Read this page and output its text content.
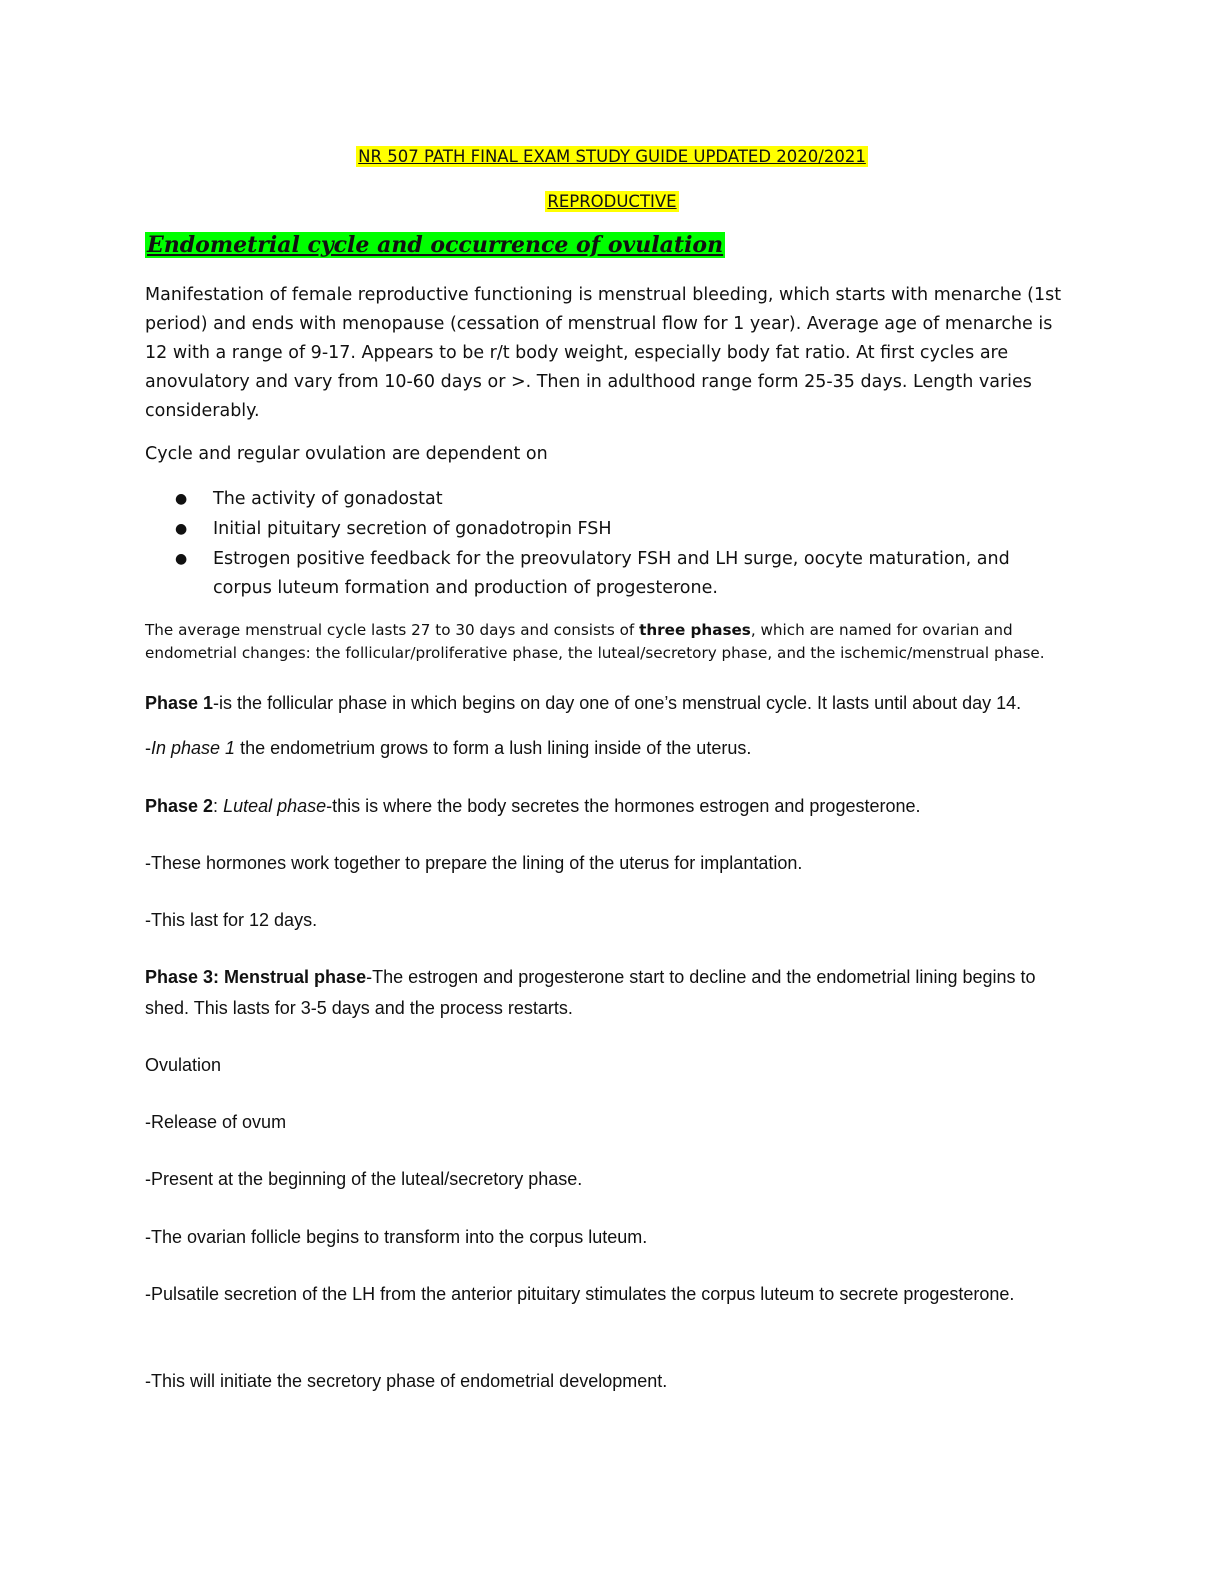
NR 507 PATH FINAL EXAM STUDY GUIDE UPDATED 2020/2021
REPRODUCTIVE
Endometrial cycle and occurrence of ovulation

Manifestation of female reproductive functioning is menstrual bleeding, which starts with menarche (1st period) and ends with menopause (cessation of menstrual flow for 1 year). Average age of menarche is 12 with a range of 9-17. Appears to be r/t body weight, especially body fat ratio. At first cycles are anovulatory and vary from 10-60 days or >. Then in adulthood range form 25-35 days. Length varies considerably.

Cycle and regular ovulation are dependent on

● The activity of gonadostat
● Initial pituitary secretion of gonadotropin FSH
● Estrogen positive feedback for the preovulatory FSH and LH surge, oocyte maturation, and corpus luteum formation and production of progesterone.

The average menstrual cycle lasts 27 to 30 days and consists of three phases, which are named for ovarian and endometrial changes: the follicular/proliferative phase, the luteal/secretory phase, and the ischemic/menstrual phase.

Phase 1-is the follicular phase in which begins on day one of one’s menstrual cycle. It lasts until about day 14.

-In phase 1 the endometrium grows to form a lush lining inside of the uterus.

Phase 2: Luteal phase-this is where the body secretes the hormones estrogen and progesterone.

-These hormones work together to prepare the lining of the uterus for implantation.

-This last for 12 days.

Phase 3: Menstrual phase-The estrogen and progesterone start to decline and the endometrial lining begins to shed. This lasts for 3-5 days and the process restarts.

Ovulation

-Release of ovum

-Present at the beginning of the luteal/secretory phase.

-The ovarian follicle begins to transform into the corpus luteum.

-Pulsatile secretion of the LH from the anterior pituitary stimulates the corpus luteum to secrete progesterone.

-This will initiate the secretory phase of endometrial development.
